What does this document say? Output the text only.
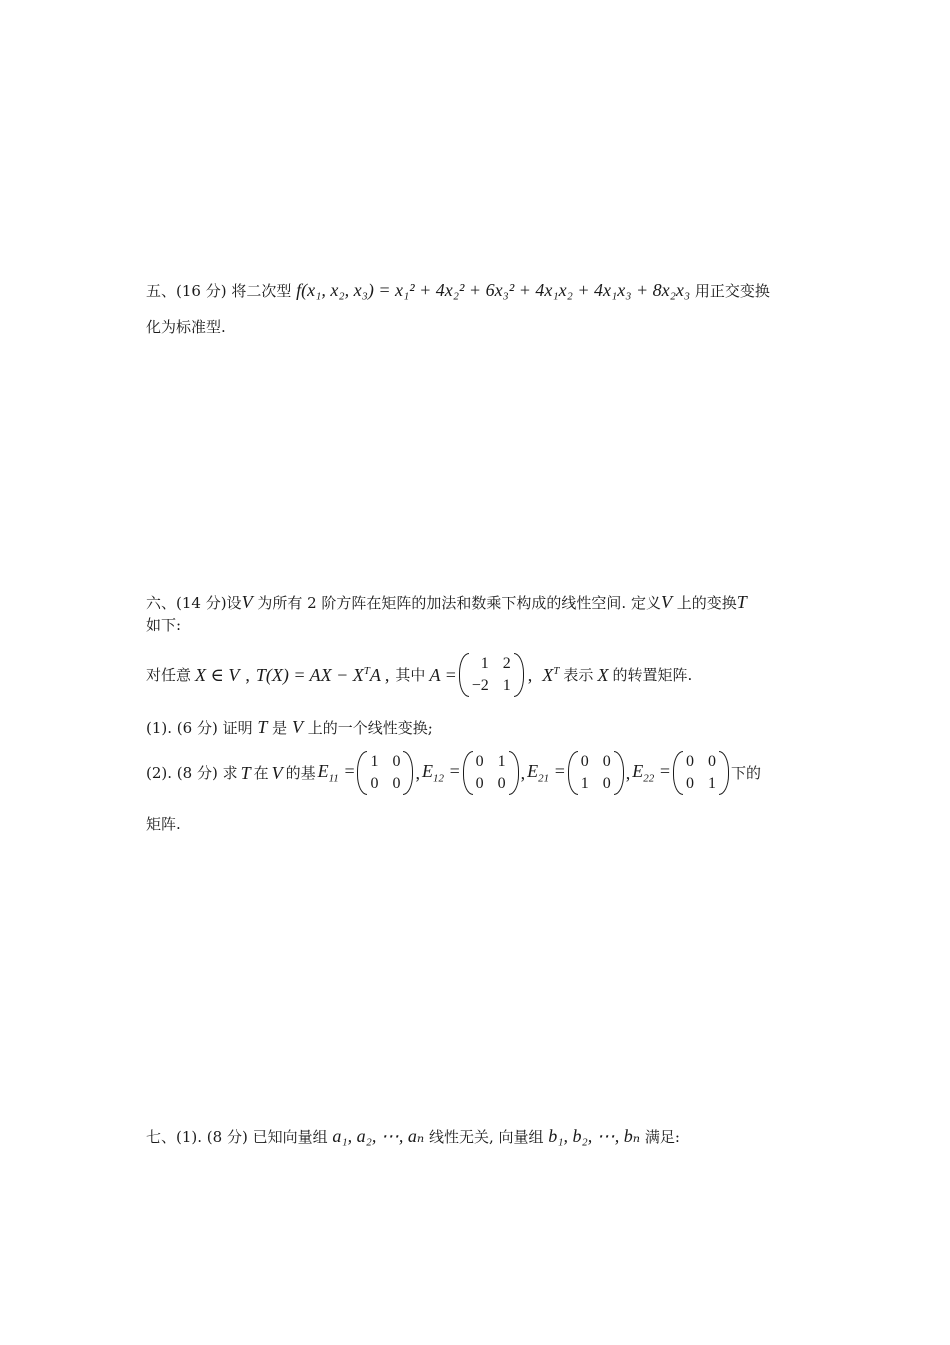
五、(16 分) 将二次型 f(x₁, x₂, x₃) = x₁² + 4x₂² + 6x₃² + 4x₁x₂ + 4x₁x₃ + 8x₂x₃ 用正交变换
化为标准型.
六、(14 分)设V 为所有 2 阶方阵在矩阵的加法和数乘下构成的线性空间. 定义V 上的变换T
如下:
对任意 X ∈ V , T(X) = AX − $X^TA$ , 其中 A =
1 2
−2 1
, $X^T$ 表示 X 的转置矩阵.
(1). (6 分) 证明 T 是 V 上的一个线性变换;
(2). (8 分) 求 T 在 V 的基 $E_{11} = 1$ 0
0 0
, $E_{12} = 0$ 1
0 0
, $E_{21} = 0$ 0
1 0
, $E_{22} = 0$ 0
0 1
下的
矩阵.
七、(1). (8 分) 已知向量组 a₁, a₂, ⋯, aₙ 线性无关, 向量组 b₁, b₂, ⋯, bₙ 满足:
